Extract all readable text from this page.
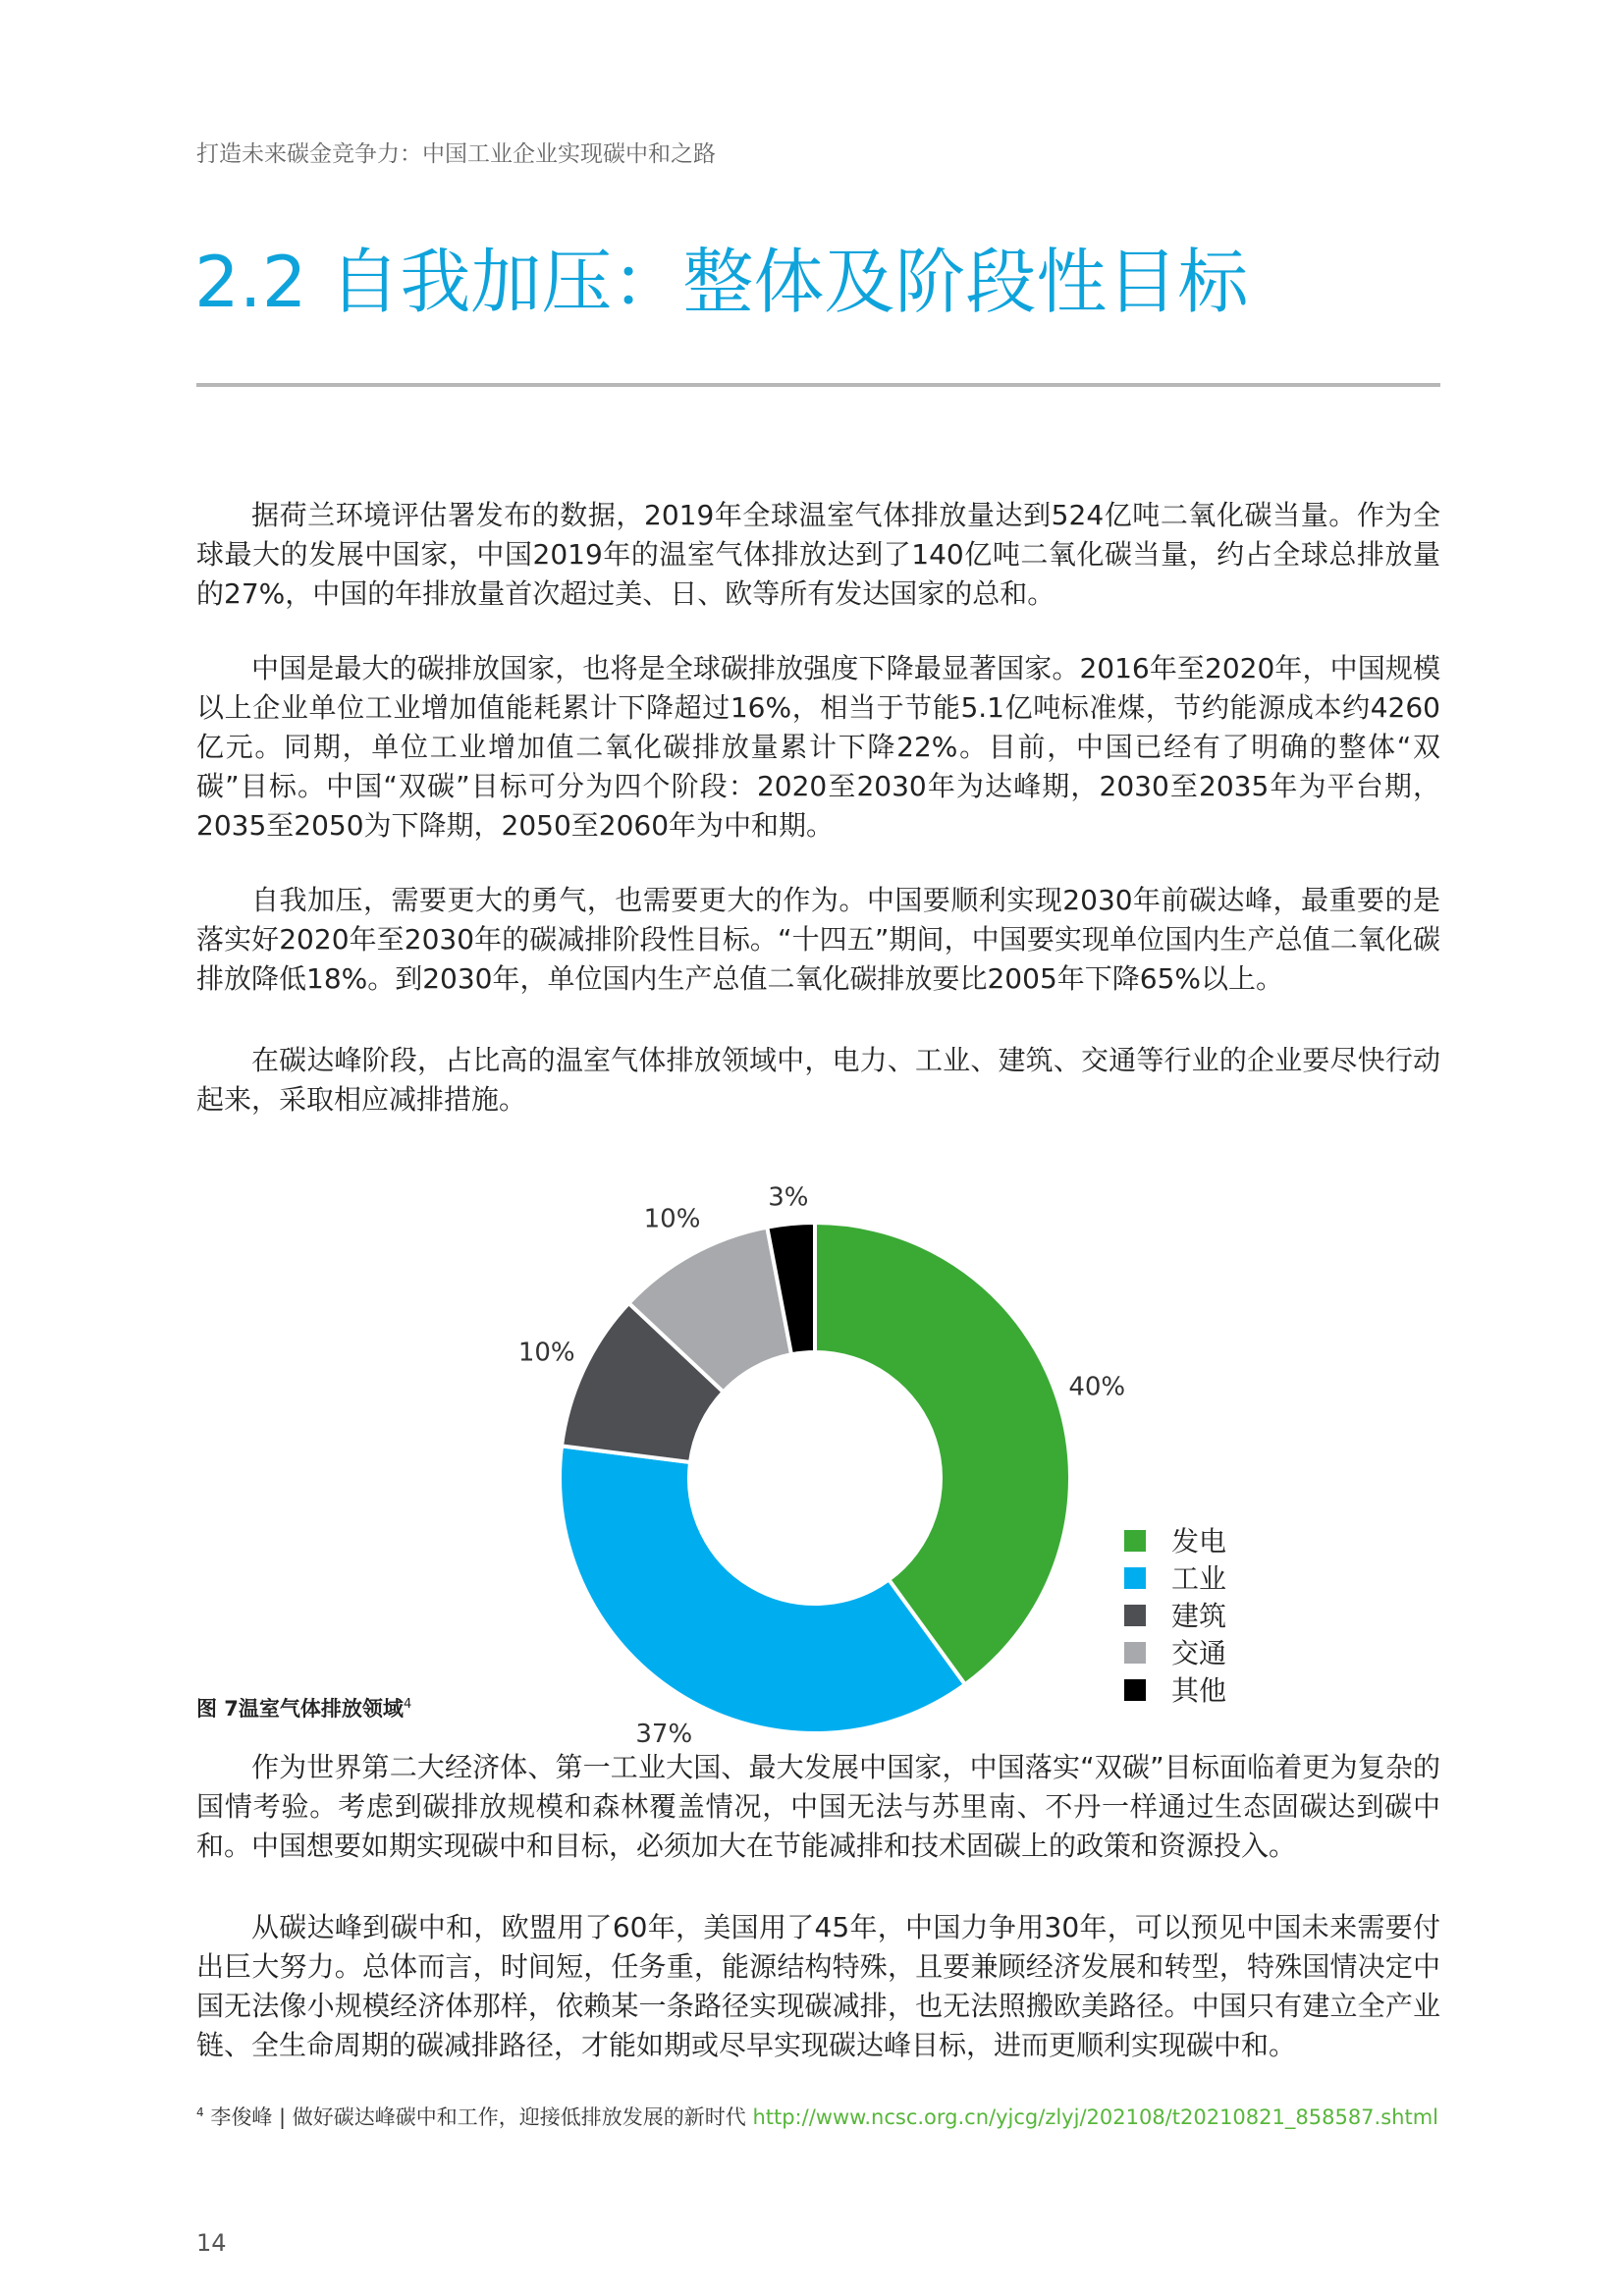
打造未来碳金竞争力：中国工业企业实现碳中和之路
2.2 自我加压：整体及阶段性目标

据荷兰环境评估署发布的数据，2019年全球温室气体排放量达到524亿吨二氧化碳当量。作为全球最大的发展中国家，中国2019年的温室气体排放达到了140亿吨二氧化碳当量，约占全球总排放量的27%，中国的年排放量首次超过美、日、欧等所有发达国家的总和。

中国是最大的碳排放国家，也将是全球碳排放强度下降最显著国家。2016年至2020年，中国规模以上企业单位工业增加值能耗累计下降超过16%，相当于节能5.1亿吨标准煤，节约能源成本约4260亿元。同期，单位工业增加值二氧化碳排放量累计下降22%。目前，中国已经有了明确的整体“双碳”目标。中国“双碳”目标可分为四个阶段：2020至2030年为达峰期，2030至2035年为平台期，2035至2050为下降期，2050至2060年为中和期。

自我加压，需要更大的勇气，也需要更大的作为。中国要顺利实现2030年前碳达峰，最重要的是落实好2020年至2030年的碳减排阶段性目标。“十四五”期间，中国要实现单位国内生产总值二氧化碳排放降低18%。到2030年，单位国内生产总值二氧化碳排放要比2005年下降65%以上。

在碳达峰阶段，占比高的温室气体排放领域中，电力、工业、建筑、交通等行业的企业要尽快行动起来，采取相应减排措施。

40%
37%
10%
10%
3%
发电
工业
建筑
交通
其他
图 7温室气体排放领域$^4$

作为世界第二大经济体、第一工业大国、最大发展中国家，中国落实“双碳”目标面临着更为复杂的国情考验。考虑到碳排放规模和森林覆盖情况，中国无法与苏里南、不丹一样通过生态固碳达到碳中和。中国想要如期实现碳中和目标，必须加大在节能减排和技术固碳上的政策和资源投入。

从碳达峰到碳中和，欧盟用了60年，美国用了45年，中国力争用30年，可以预见中国未来需要付出巨大努力。总体而言，时间短，任务重，能源结构特殊，且要兼顾经济发展和转型，特殊国情决定中国无法像小规模经济体那样，依赖某一条路径实现碳减排，也无法照搬欧美路径。中国只有建立全产业链、全生命周期的碳减排路径，才能如期或尽早实现碳达峰目标，进而更顺利实现碳中和。

$^4$ 李俊峰 | 做好碳达峰碳中和工作，迎接低排放发展的新时代 http://www.ncsc.org.cn/yjcg/zlyj/202108/t20210821_858587.shtml
14
